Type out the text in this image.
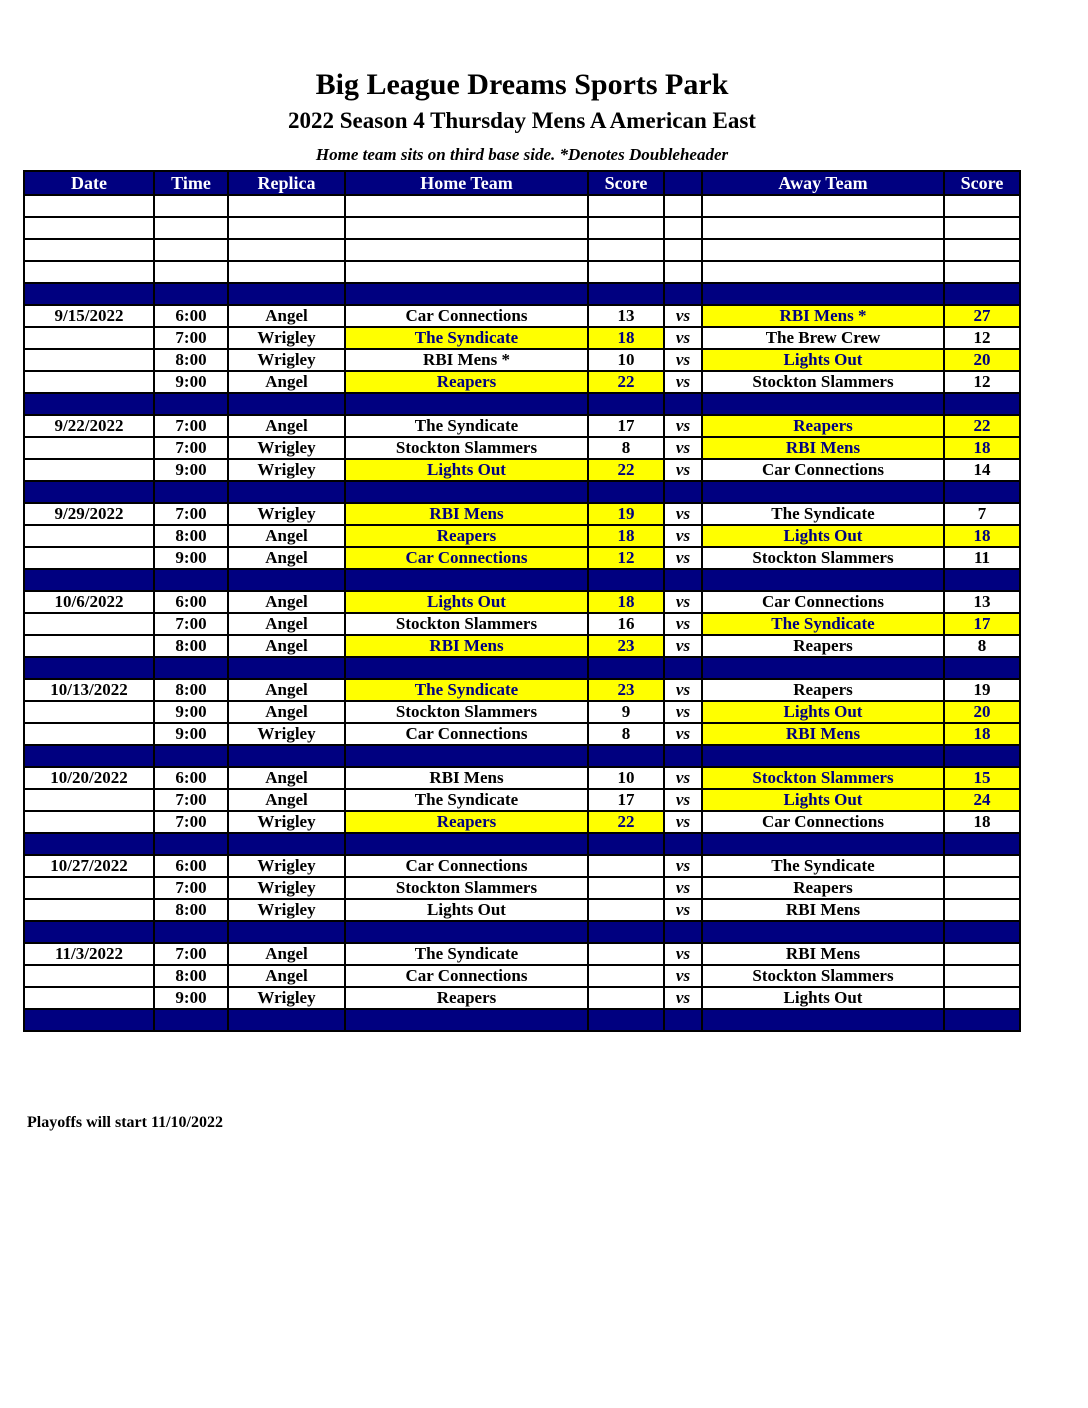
Big League Dreams Sports Park
2022 Season 4 Thursday Mens A American East
Home team sits on third base side. *Denotes Doubleheader
Date	Time	Replica	Home Team	Score		Away Team	Score

9/15/2022	6:00	Angel	Car Connections	13	vs	RBI Mens *	27
	7:00	Wrigley	The Syndicate	18	vs	The Brew Crew	12
	8:00	Wrigley	RBI Mens *	10	vs	Lights Out	20
	9:00	Angel	Reapers	22	vs	Stockton Slammers	12

9/22/2022	7:00	Angel	The Syndicate	17	vs	Reapers	22
	7:00	Wrigley	Stockton Slammers	8	vs	RBI Mens	18
	9:00	Wrigley	Lights Out	22	vs	Car Connections	14

9/29/2022	7:00	Wrigley	RBI Mens	19	vs	The Syndicate	7
	8:00	Angel	Reapers	18	vs	Lights Out	18
	9:00	Angel	Car Connections	12	vs	Stockton Slammers	11

10/6/2022	6:00	Angel	Lights Out	18	vs	Car Connections	13
	7:00	Angel	Stockton Slammers	16	vs	The Syndicate	17
	8:00	Angel	RBI Mens	23	vs	Reapers	8

10/13/2022	8:00	Angel	The Syndicate	23	vs	Reapers	19
	9:00	Angel	Stockton Slammers	9	vs	Lights Out	20
	9:00	Wrigley	Car Connections	8	vs	RBI Mens	18

10/20/2022	6:00	Angel	RBI Mens	10	vs	Stockton Slammers	15
	7:00	Angel	The Syndicate	17	vs	Lights Out	24
	7:00	Wrigley	Reapers	22	vs	Car Connections	18

10/27/2022	6:00	Wrigley	Car Connections		vs	The Syndicate	
	7:00	Wrigley	Stockton Slammers		vs	Reapers	
	8:00	Wrigley	Lights Out		vs	RBI Mens	

11/3/2022	7:00	Angel	The Syndicate		vs	RBI Mens	
	8:00	Angel	Car Connections		vs	Stockton Slammers	
	9:00	Wrigley	Reapers		vs	Lights Out	

Playoffs will start 11/10/2022
